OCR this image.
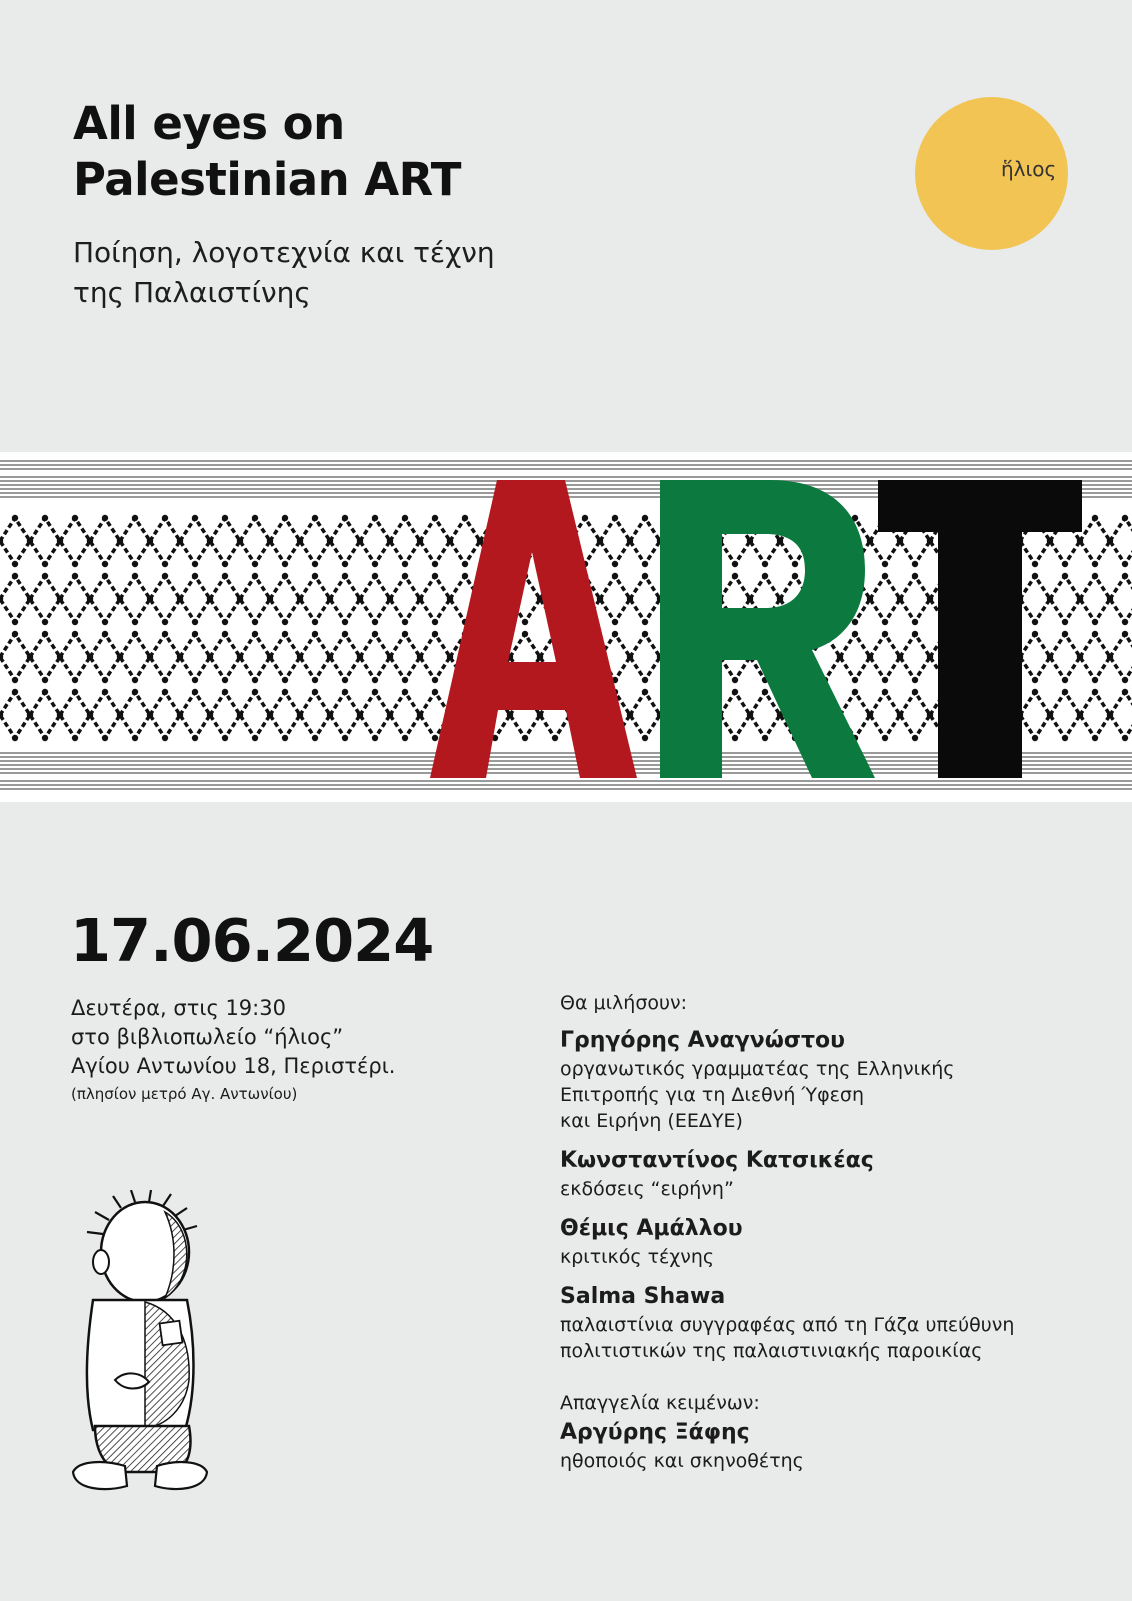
All eyes on
Palestinian ART
Ποίηση, λογοτεχνία και τέχνη
της Παλαιστίνης
ἥλιος
17.06.2024
Δευτέρα, στις 19:30
στο βιβλιοπωλείο “ήλιος”
Αγίου Αντωνίου 18, Περιστέρι.
(πλησίον μετρό Αγ. Αντωνίου)
Θα μιλήσουν:
Γρηγόρης Αναγνώστου
οργανωτικός γραμματέας της Ελληνικής
Επιτροπής για τη Διεθνή Ύφεση
και Ειρήνη (ΕΕΔΥΕ)
Κωνσταντίνος Κατσικέας
εκδόσεις “ειρήνη”
Θέμις Αμάλλου
κριτικός τέχνης
Salma Shawa
παλαιστίνια συγγραφέας από τη Γάζα υπεύθυνη
πολιτιστικών της παλαιστινιακής παροικίας
Απαγγελία κειμένων:
Αργύρης Ξάφης
ηθοποιός και σκηνοθέτης
